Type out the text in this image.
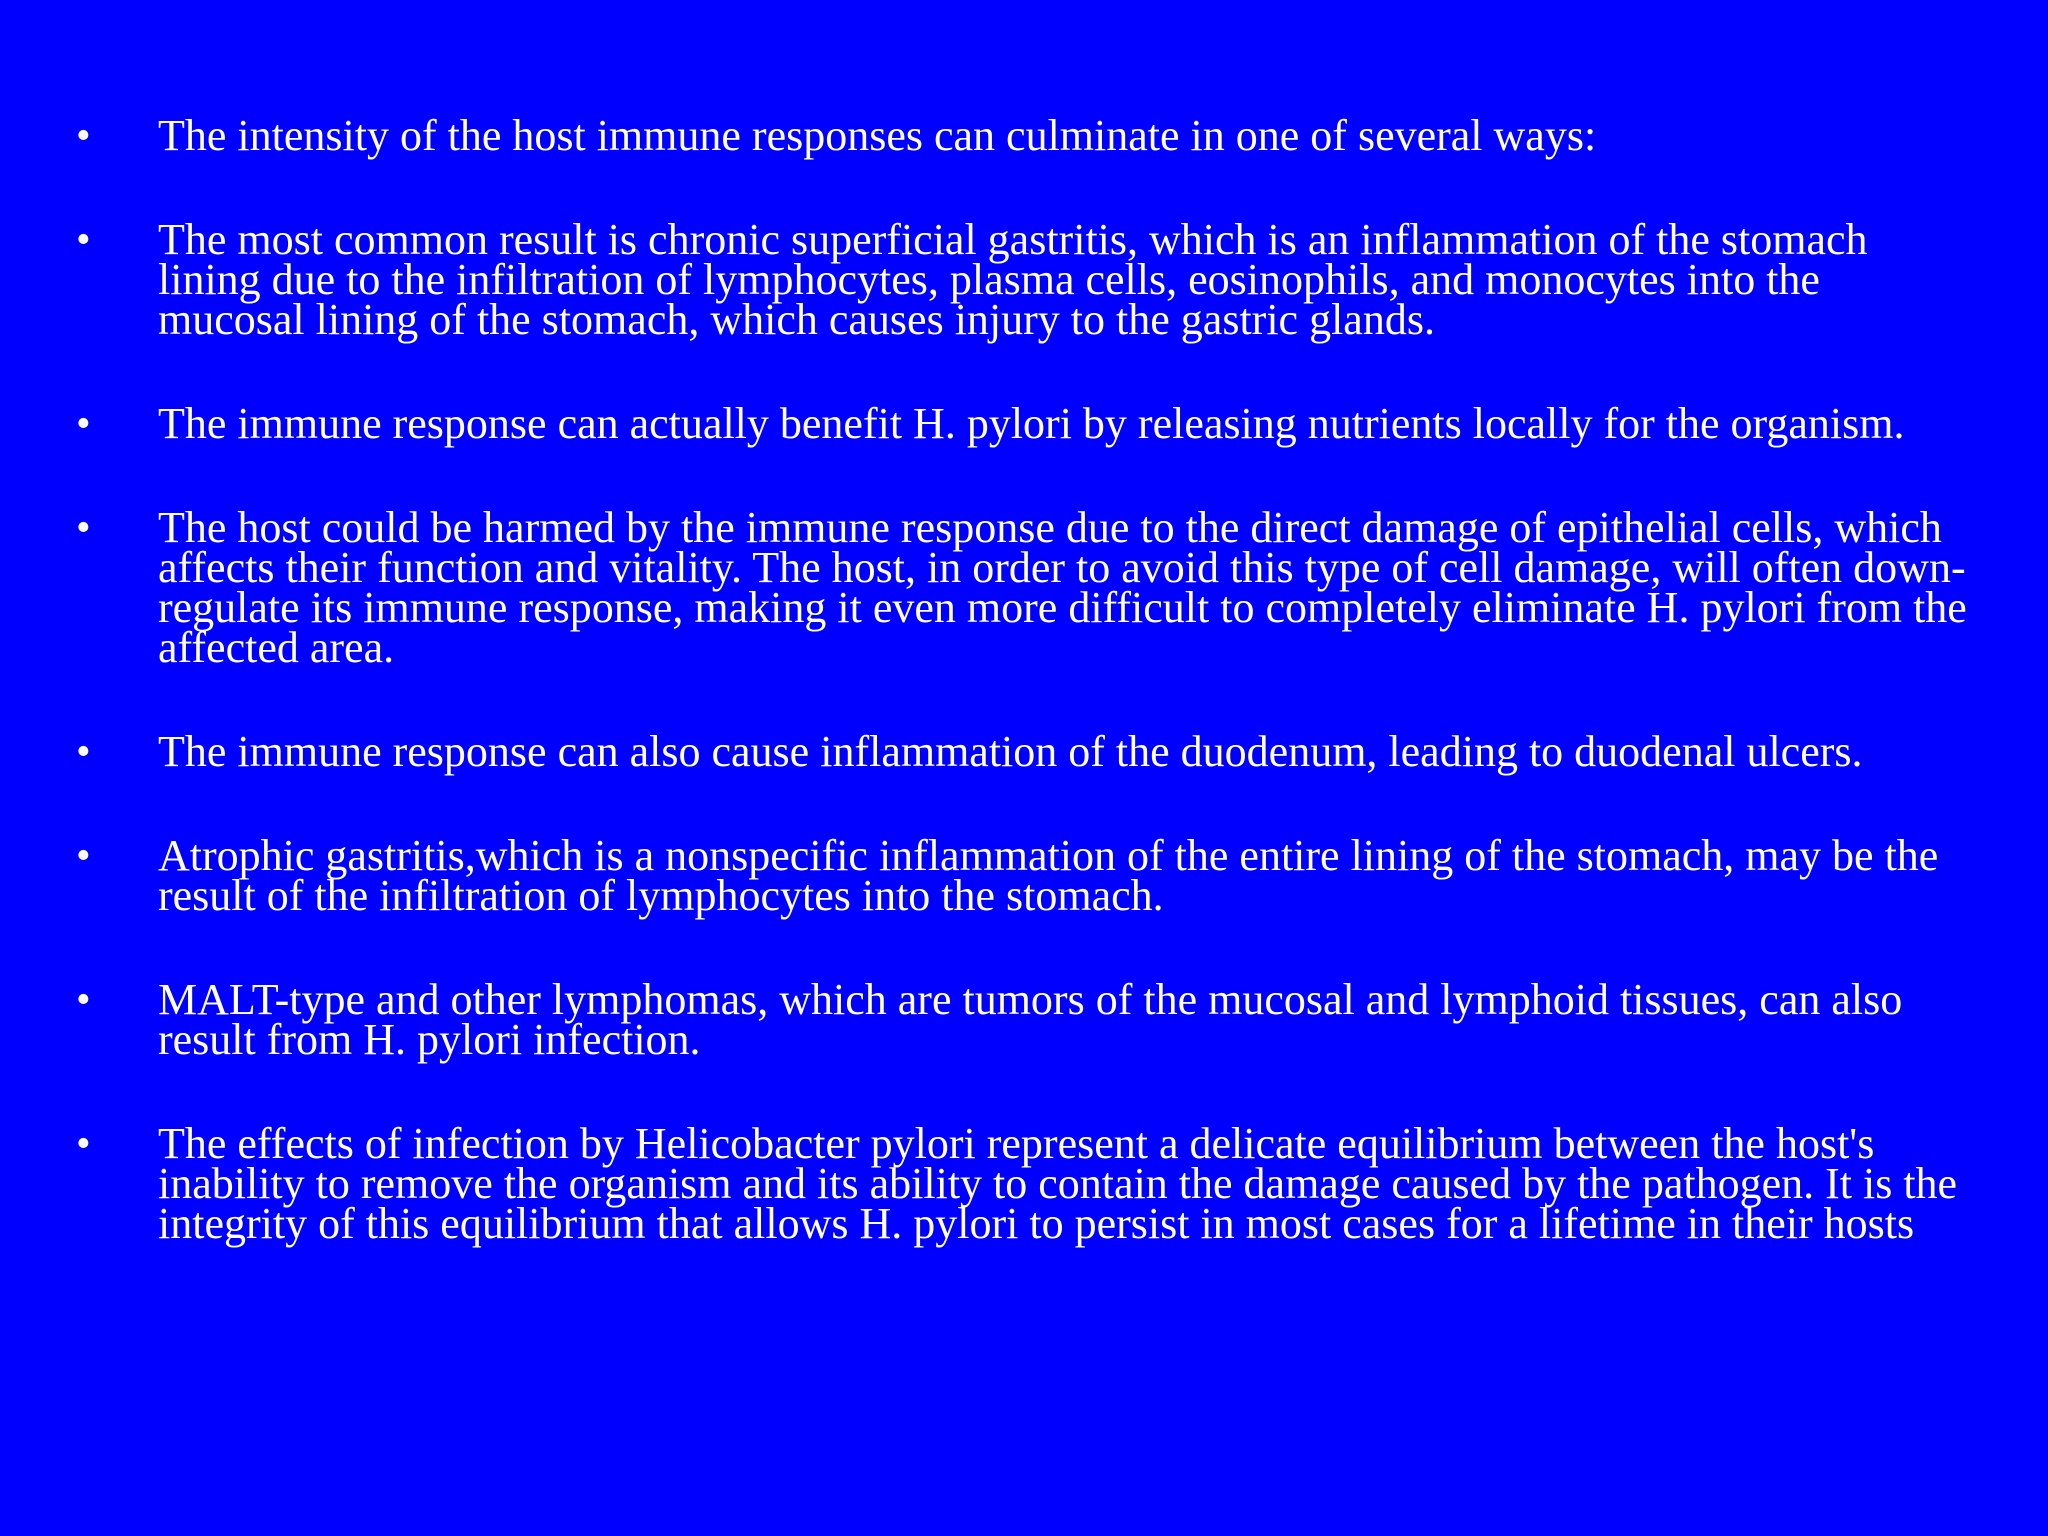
•	The intensity of the host immune responses can culminate in one of several ways:
•	The most common result is chronic superficial gastritis, which is an inflammation of the stomach lining due to the infiltration of lymphocytes, plasma cells, eosinophils, and monocytes into the mucosal lining of the stomach, which causes injury to the gastric glands.
•	The immune response can actually benefit H. pylori by releasing nutrients locally for the organism.
•	The host could be harmed by the immune response due to the direct damage of epithelial cells, which affects their function and vitality. The host, in order to avoid this type of cell damage, will often down-regulate its immune response, making it even more difficult to completely eliminate H. pylori from the affected area.
•	The immune response can also cause inflammation of the duodenum, leading to duodenal ulcers.
•	Atrophic gastritis,which is a nonspecific inflammation of the entire lining of the stomach, may be the result of the infiltration of lymphocytes into the stomach.
•	MALT-type and other lymphomas, which are tumors of the mucosal and lymphoid tissues, can also result from H. pylori infection.
•	The effects of infection by Helicobacter pylori represent a delicate equilibrium between the host's inability to remove the organism and its ability to contain the damage caused by the pathogen. It is the integrity of this equilibrium that allows H. pylori to persist in most cases for a lifetime in their hosts
